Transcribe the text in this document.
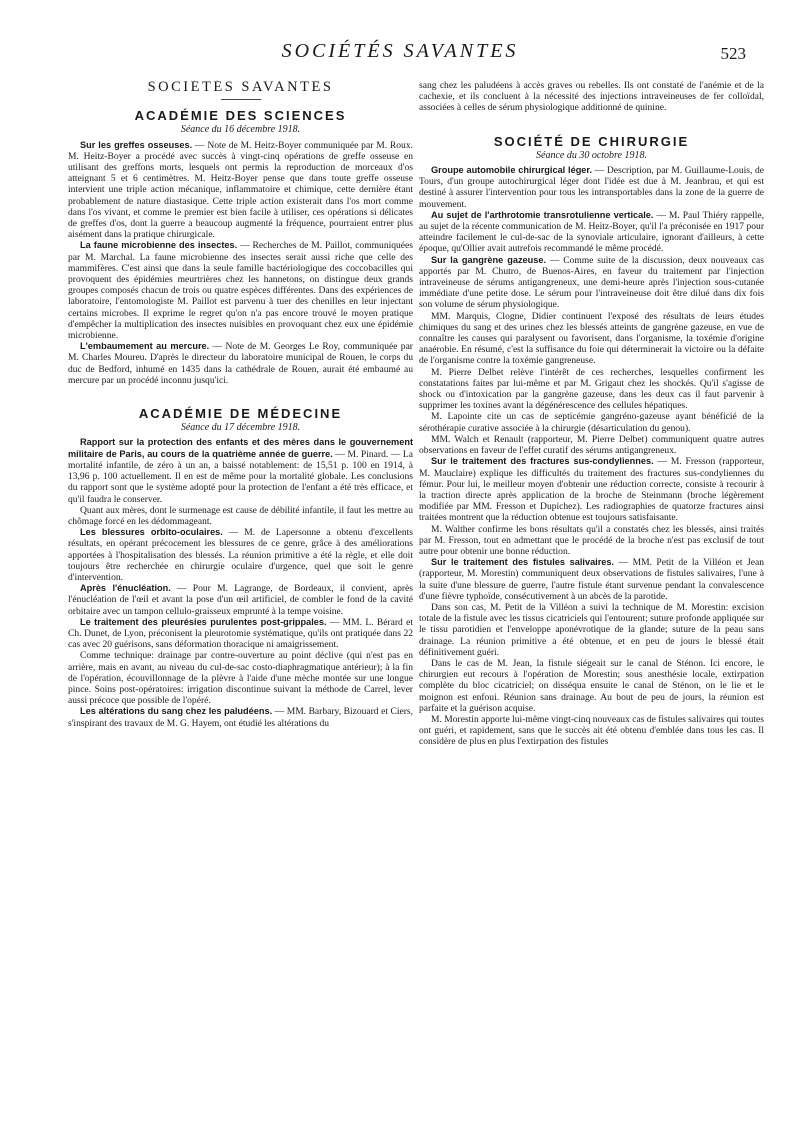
SOCIÉTÉS SAVANTES	523
SOCIÉTÉS SAVANTES
ACADÉMIE DES SCIENCES
Séance du 16 décembre 1918.

Sur les greffes osseuses. — Note de M. Heitz-Boyer communiquée par M. Roux. M. Heitz-Boyer a procédé avec succès à vingt-cinq opérations de greffe osseuse en utilisant des greffons morts, lesquels ont permis la reproduction de morceaux d'os atteignant 5 et 6 centimètres. M. Heitz-Boyer pense que dans toute greffe osseuse intervient une triple action mécanique, inflammatoire et chimique, cette dernière étant probablement de nature diastasique. Cette triple action existerait dans l'os mort comme dans l'os vivant, et comme le premier est bien facile à utiliser, ces opérations si délicates de greffes d'os, dont la guerre a beaucoup augmenté la fréquence, pourraient entrer plus aisément dans la pratique chirurgicale.

La faune microbienne des insectes. — Recherches de M. Paillot, communiquées par M. Marchal. La faune microbienne des insectes serait aussi riche que celle des mammifères. C'est ainsi que dans la seule famille bactériologique des coccobacilles qui provoquent des épidémies meurtrières chez les hannetons, on distingue deux grands groupes composés chacun de trois ou quatre espèces différentes. Dans des expériences de laboratoire, l'entomologiste M. Paillot est parvenu à tuer des chenilles en leur injectant certains microbes. Il exprime le regret qu'on n'a pas encore trouvé le moyen pratique d'empêcher la multiplication des insectes nuisibles en provoquant chez eux une épidémie microbienne.

L'embaumement au mercure. — Note de M. Georges Le Roy, communiquée par M. Charles Moureu. D'après le directeur du laboratoire municipal de Rouen, le corps du duc de Bedford, inhumé en 1435 dans la cathédrale de Rouen, aurait été embaumé au mercure par un procédé inconnu jusqu'ici.

ACADÉMIE DE MÉDECINE
Séance du 17 décembre 1918.

Rapport sur la protection des enfants et des mères dans le gouvernement militaire de Paris, au cours de la quatrième année de guerre. — M. Pinard. — La mortalité infantile, de zéro à un an, a baissé notablement: de 15,51 p. 100 en 1914, à 13,96 p. 100 actuellement. Il en est de même pour la mortalité globale. Les conclusions du rapport sont que le système adopté pour la protection de l'enfant a été très efficace, et qu'il faudra le conserver.

Quant aux mères, dont le surmenage est cause de débilité infantile, il faut les mettre au chômage forcé en les dédommageant.

Les blessures orbito-oculaires. — M. de Lapersonne a obtenu d'excellents résultats, en opérant précocement les blessures de ce genre, grâce à des améliorations apportées à l'hospitalisation des blessés. La réunion primitive a été la règle, et elle doit toujours être recherchée en chirurgie oculaire d'urgence, quel que soit le genre d'intervention.

Après l'énucléation. — Pour M. Lagrange, de Bordeaux, il convient, après l'énucléation de l'œil et avant la pose d'un œil artificiel, de combler le fond de la cavité orbitaire avec un tampon cellulo-graisseux emprunté à la tempe voisine.

Le traitement des pleurésies purulentes post-grippales. — MM. L. Bérard et Ch. Dunet, de Lyon, préconisent la pleurotomie systématique, qu'ils ont pratiquée dans 22 cas avec 20 guérisons, sans déformation thoracique ni amaigrissement.

Comme technique: drainage par contre-ouverture au point déclive (qui n'est pas en arrière, mais en avant, au niveau du cul-de-sac costo-diaphragmatique antérieur); à la fin de l'opération, écouvillonnage de la plèvre à l'aide d'une mèche montée sur une longue pince. Soins post-opératoires: irrigation discontinue suivant la méthode de Carrel, lever aussi précoce que possible de l'opéré.

Les altérations du sang chez les paludéens. — MM. Barbary, Bizouard et Ciers, s'inspirant des travaux de M. G. Hayem, ont étudié les altérations du

sang chez les paludéens à accès graves ou rebelles. Ils ont constaté de l'anémie et de la cachexie, et ils concluent à la nécessité des injections intraveineuses de fer colloïdal, associées à celles de sérum physiologique additionné de quinine.

SOCIÉTÉ DE CHIRURGIE
Séance du 30 octobre 1918.

Groupe automobile chirurgical léger. — Description, par M. Guillaume-Louis, de Tours, d'un groupe autochirurgical léger dont l'idée est due à M. Jeanbrau, et qui est destiné à assurer l'intervention pour tous les intransportables dans la zone de la guerre de mouvement.

Au sujet de l'arthrotomie transrotulienne verticale. — M. Paul Thiéry rappelle, au sujet de la récente communication de M. Heitz-Boyer, qu'il l'a préconisée en 1917 pour atteindre facilement le cul-de-sac de la synoviale articulaire, ignorant d'ailleurs, à cette époque, qu'Ollier avait autrefois recommandé le même procédé.

Sur la gangrène gazeuse. — Comme suite de la discussion, deux nouveaux cas apportés par M. Chutro, de Buenos-Aires, en faveur du traitement par l'injection intraveineuse de sérums antigangreneux, une demi-heure après l'injection sous-cutanée immédiate d'une petite dose. Le sérum pour l'intraveineuse doit être dilué dans dix fois son volume de sérum physiologique.

MM. Marquis, Clogne, Didier continuent l'exposé des résultats de leurs études chimiques du sang et des urines chez les blessés atteints de gangrène gazeuse, en vue de connaître les causes qui paralysent ou favorisent, dans l'organisme, la toxémie d'origine anaérobie. En résumé, c'est la suffisance du foie qui déterminerait la victoire ou la défaite de l'organisme contre la toxémie gangreneuse.

M. Pierre Delbet relève l'intérêt de ces recherches, lesquelles confirment les constatations faites par lui-même et par M. Grigaut chez les shockés. Qu'il s'agisse de shock ou d'intoxication par la gangrène gazeuse, dans les deux cas il faut parvenir à supprimer les toxines avant la dégénérescence des cellules hépatiques.

M. Lapointe cite un cas de septicémie gangréno-gazeuse ayant bénéficié de la sérothérapie curative associée à la chirurgie (désarticulation du genou).

MM. Walch et Renault (rapporteur, M. Pierre Delbet) communiquent quatre autres observations en faveur de l'effet curatif des sérums antigangreneux.

Sur le traitement des fractures sus-condyliennes. — M. Fresson (rapporteur, M. Mauclaire) explique les difficultés du traitement des fractures sus-condyliennes du fémur. Pour lui, le meilleur moyen d'obtenir une réduction correcte, consiste à recourir à la traction directe après application de la broche de Steinmann (broche légèrement modifiée par MM. Fresson et Dupichez). Les radiographies de quatorze fractures ainsi traitées montrent que la réduction obtenue est toujours satisfaisante.

M. Walther confirme les bons résultats qu'il a constatés chez les blessés, ainsi traités par M. Fresson, tout en admettant que le procédé de la broche n'est pas exclusif de tout autre pour obtenir une bonne réduction.

Sur le traitement des fistules salivaires. — MM. Petit de la Villéon et Jean (rapporteur, M. Morestin) communiquent deux observations de fistules salivaires, l'une à la suite d'une blessure de guerre, l'autre fistule étant survenue pendant la convalescence d'une fièvre typhoïde, consécutivement à un abcès de la parotide.

Dans son cas, M. Petit de la Villéon a suivi la technique de M. Morestin: excision totale de la fistule avec les tissus cicatriciels qui l'entourent; suture profonde appliquée sur le tissu parotidien et l'enveloppe aponévrotique de la glande; suture de la peau sans drainage. La réunion primitive a été obtenue, et en peu de jours le blessé était définitivement guéri.

Dans le cas de M. Jean, la fistule siégeait sur le canal de Sténon. Ici encore, le chirurgien eut recours à l'opération de Morestin; sous anesthésie locale, extirpation complète du bloc cicatriciel; on disséqua ensuite le canal de Sténon, on le lie et le moignon est enfoui. Réunion sans drainage. Au bout de peu de jours, la réunion est parfaite et la guérison acquise.

M. Morestin apporte lui-même vingt-cinq nouveaux cas de fistules salivaires qui toutes ont guéri, et rapidement, sans que le succès ait été obtenu d'emblée dans tous les cas. Il considère de plus en plus l'extirpation des fistules
